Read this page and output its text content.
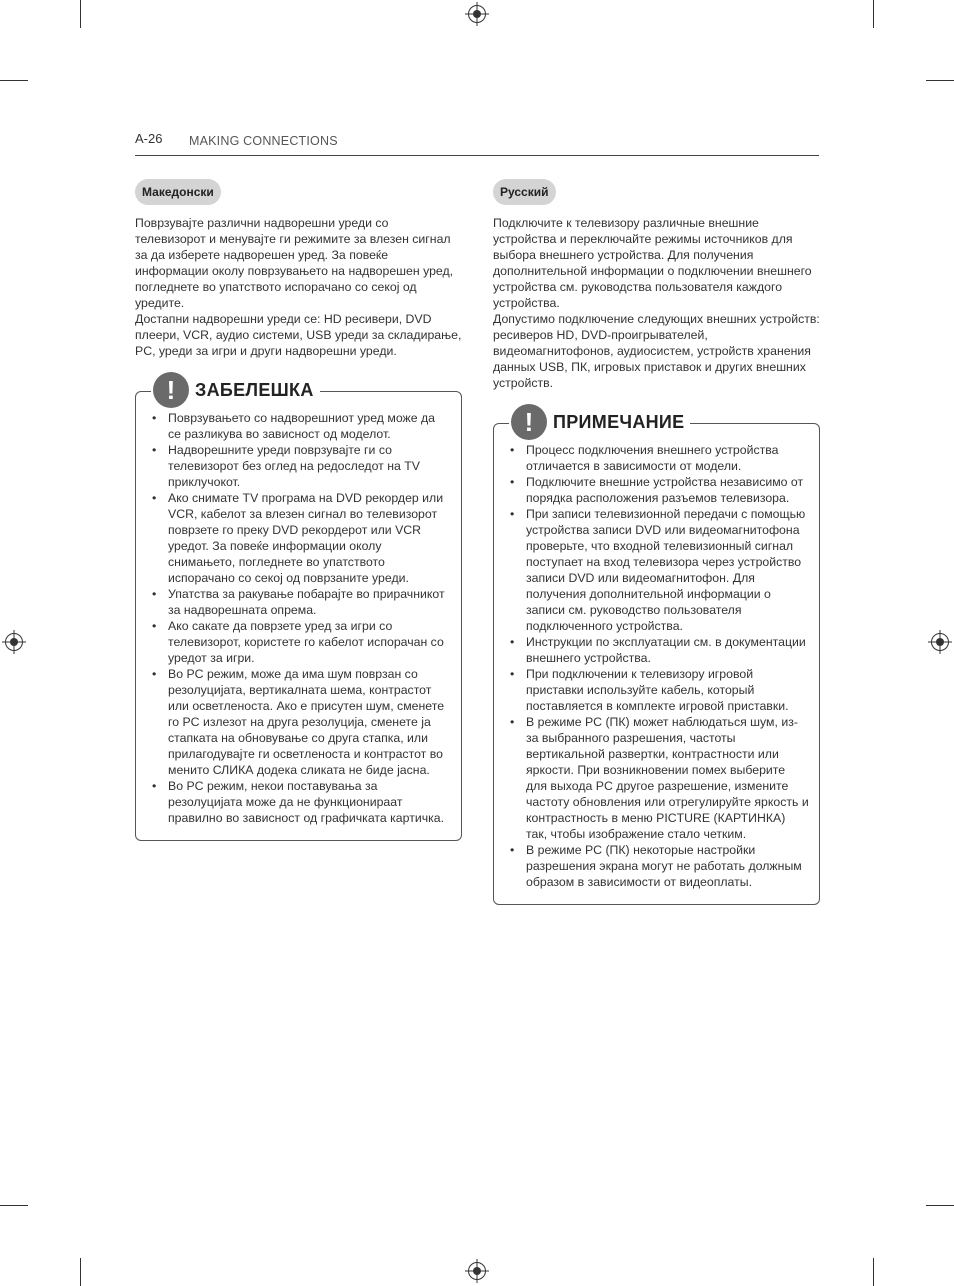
A-26 MAKING CONNECTIONS
Македонски

Поврзувајте различни надворешни уреди со телевизорот и менувајте ги режимите за влезен сигнал за да изберете надворешен уред. За повеќе информации околу поврзувањето на надворешен уред, погледнете во упатството испорачано со секој од уредите.

Достапни надворешни уреди се: HD ресивери, DVD плеери, VCR, аудио системи, USB уреди за складирање, PC, уреди за игри и други надворешни уреди.

!	ЗАБЕЛЕШКА
• Поврзувањето со надворешниот уред може да се разликува во зависност од моделот.
• Надворешните уреди поврзувајте ги со телевизорот без оглед на редоследот на TV приклучокот.
• Ако снимате TV програма на DVD рекордер или VCR, кабелот за влезен сигнал во телевизорот поврзете го преку DVD рекордерот или VCR уредот. За повеќе информации околу снимањето, погледнете во упатството испорачано со секој од поврзаните уреди.
• Упатства за ракување побарајте во прирачникот за надворешната опрема.
• Ако сакате да поврзете уред за игри со телевизорот, користете го кабелот испорачан со уредот за игри.
• Во PC режим, може да има шум поврзан со резолуцијата, вертикалната шема, контрастот или осветленоста. Ако е присутен шум, сменете го PC излезот на друга резолуција, сменете ја стапката на обновување со друга стапка, или прилагодувајте ги осветленоста и контрастот во менито СЛИКА додека сликата не биде јасна.
• Во PC режим, некои поставувања за резолуцијата може да не функционираат правилно во зависност од графичката картичка.
Русский

Подключите к телевизору различные внешние устройства и переключайте режимы источников для выбора внешнего устройства. Для получения дополнительной информации о подключении внешнего устройства см. руководства пользователя каждого устройства.

Допустимо подключение следующих внешних устройств: ресиверов HD, DVD-проигрывателей, видеомагнитофонов, аудиосистем, устройств хранения данных USB, ПК, игровых приставок и других внешних устройств.

!	ПРИМЕЧАНИЕ
• Процесс подключения внешнего устройства отличается в зависимости от модели.
• Подключите внешние устройства независимо от порядка расположения разъемов телевизора.
• При записи телевизионной передачи с помощью устройства записи DVD или видеомагнитофона проверьте, что входной телевизионный сигнал поступает на вход телевизора через устройство записи DVD или видеомагнитофон. Для получения дополнительной информации о записи см. руководство пользователя подключенного устройства.
• Инструкции по эксплуатации см. в документации внешнего устройства.
• При подключении к телевизору игровой приставки используйте кабель, который поставляется в комплекте игровой приставки.
• В режиме PC (ПК) может наблюдаться шум, из-за выбранного разрешения, частоты вертикальной развертки, контрастности или яркости. При возникновении помех выберите для выхода PC другое разрешение, измените частоту обновления или отрегулируйте яркость и контрастность в меню PICTURE (КАРТИНКА) так, чтобы изображение стало четким.
• В режиме PC (ПК) некоторые настройки разрешения экрана могут не работать должным образом в зависимости от видеоплаты.
